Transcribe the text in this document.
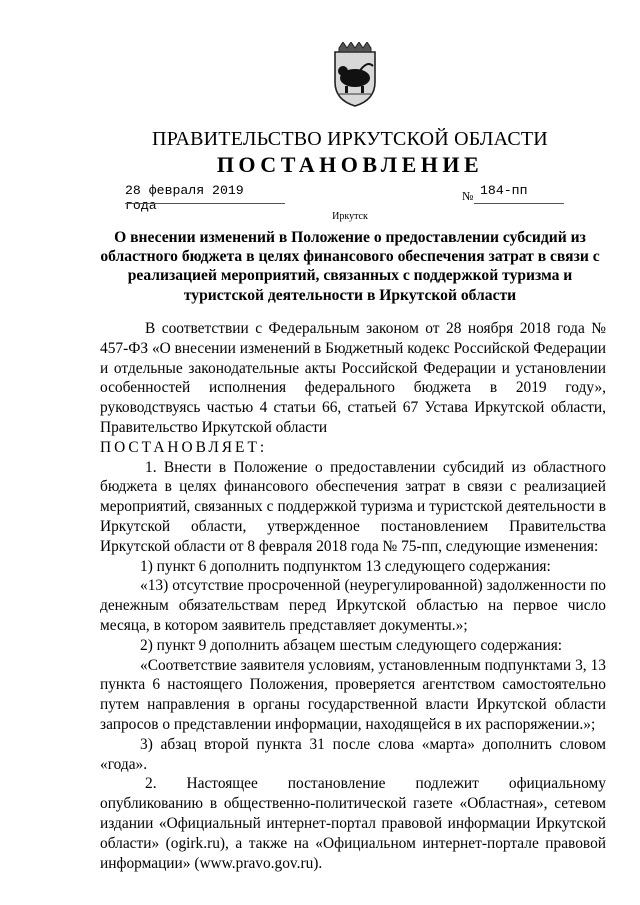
ПРАВИТЕЛЬСТВО ИРКУТСКОЙ ОБЛАСТИ
ПОСТАНОВЛЕНИЕ
28 февраля 2019 года
№ 184-пп
Иркутск
О внесении изменений в Положение о предоставлении субсидий из областного бюджета в целях финансового обеспечения затрат в связи с реализацией мероприятий, связанных с поддержкой туризма и туристской деятельности в Иркутской области

В соответствии с Федеральным законом от 28 ноября 2018 года № 457-ФЗ «О внесении изменений в Бюджетный кодекс Российской Федерации и отдельные законодательные акты Российской Федерации и установлении особенностей исполнения федерального бюджета в 2019 году», руководствуясь частью 4 статьи 66, статьей 67 Устава Иркутской области, Правительство Иркутской области

ПОСТАНОВЛЯЕТ:

1. Внести в Положение о предоставлении субсидий из областного бюджета в целях финансового обеспечения затрат в связи с реализацией мероприятий, связанных с поддержкой туризма и туристской деятельности в Иркутской области, утвержденное постановлением Правительства Иркутской области от 8 февраля 2018 года № 75-пп, следующие изменения:

1) пункт 6 дополнить подпунктом 13 следующего содержания:

«13) отсутствие просроченной (неурегулированной) задолженности по денежным обязательствам перед Иркутской областью на первое число месяца, в котором заявитель представляет документы.»;

2) пункт 9 дополнить абзацем шестым следующего содержания:

«Соответствие заявителя условиям, установленным подпунктами 3, 13 пункта 6 настоящего Положения, проверяется агентством самостоятельно путем направления в органы государственной власти Иркутской области запросов о представлении информации, находящейся в их распоряжении.»;

3) абзац второй пункта 31 после слова «марта» дополнить словом «года».

2. Настоящее постановление подлежит официальному опубликованию в общественно-политической газете «Областная», сетевом издании «Официальный интернет-портал правовой информации Иркутской области» (ogirk.ru), а также на «Официальном интернет-портале правовой информации» (www.pravo.gov.ru).
